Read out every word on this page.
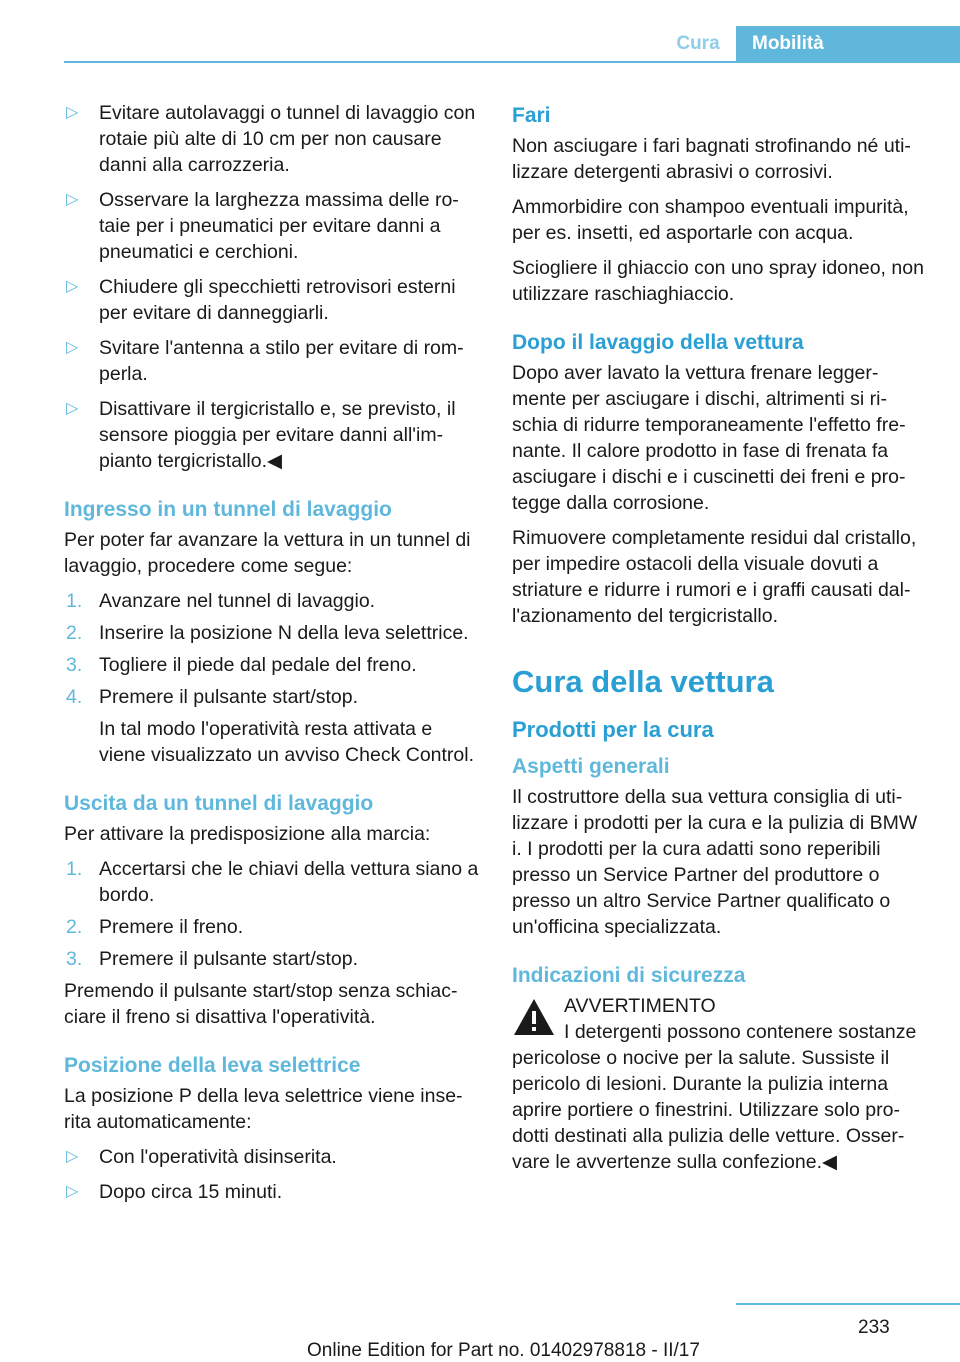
Cura	Mobilità
▷ Evitare autolavaggi o tunnel di lavaggio con rotaie più alte di 10 cm per non causare danni alla carrozzeria.
▷ Osservare la larghezza massima delle ro‐ taie per i pneumatici per evitare danni a pneumatici e cerchioni.
▷ Chiudere gli specchietti retrovisori esterni per evitare di danneggiarli.
▷ Svitare l'antenna a stilo per evitare di rom‐ perla.
▷ Disattivare il tergicristallo e, se previsto, il sensore pioggia per evitare danni all'im‐ pianto tergicristallo.◀
Ingresso in un tunnel di lavaggio

Per poter far avanzare la vettura in un tunnel di lavaggio, procedere come segue:

1. Avanzare nel tunnel di lavaggio.
2. Inserire la posizione N della leva selettrice.
3. Togliere il piede dal pedale del freno.
4. Premere il pulsante start/stop.
In tal modo l'operatività resta attivata e viene visualizzato un avviso Check Control.
Uscita da un tunnel di lavaggio

Per attivare la predisposizione alla marcia:

1. Accertarsi che le chiavi della vettura siano a bordo.
2. Premere il freno.
3. Premere il pulsante start/stop.

Premendo il pulsante start/stop senza schiac‐ ciare il freno si disattiva l'operatività.

Posizione della leva selettrice

La posizione P della leva selettrice viene inse‐ rita automaticamente:

▷ Con l'operatività disinserita.
▷ Dopo circa 15 minuti.
Fari

Non asciugare i fari bagnati strofinando né uti‐ lizzare detergenti abrasivi o corrosivi.

Ammorbidire con shampoo eventuali impurità, per es. insetti, ed asportarle con acqua.

Sciogliere il ghiaccio con uno spray idoneo, non utilizzare raschiaghiaccio.

Dopo il lavaggio della vettura

Dopo aver lavato la vettura frenare legger‐ mente per asciugare i dischi, altrimenti si ri‐ schia di ridurre temporaneamente l'effetto fre‐ nante. Il calore prodotto in fase di frenata fa asciugare i dischi e i cuscinetti dei freni e pro‐ tegge dalla corrosione.

Rimuovere completamente residui dal cristallo, per impedire ostacoli della visuale dovuti a striature e ridurre i rumori e i graffi causati dal‐ l'azionamento del tergicristallo.

Cura della vettura
Prodotti per la cura
Aspetti generali

Il costruttore della sua vettura consiglia di uti‐ lizzare i prodotti per la cura e la pulizia di BMW i. I prodotti per la cura adatti sono reperibili presso un Service Partner del produttore o presso un altro Service Partner qualificato o un'officina specializzata.

Indicazioni di sicurezza
AVVERTIMENTO
I detergenti possono contenere sostanze pericolose o nocive per la salute. Sussiste il pericolo di lesioni. Durante la pulizia interna aprire portiere o finestrini. Utilizzare solo pro‐ dotti destinati alla pulizia delle vetture. Osser‐ vare le avvertenze sulla confezione.◀
233
Online Edition for Part no. 01402978818 - II/17
